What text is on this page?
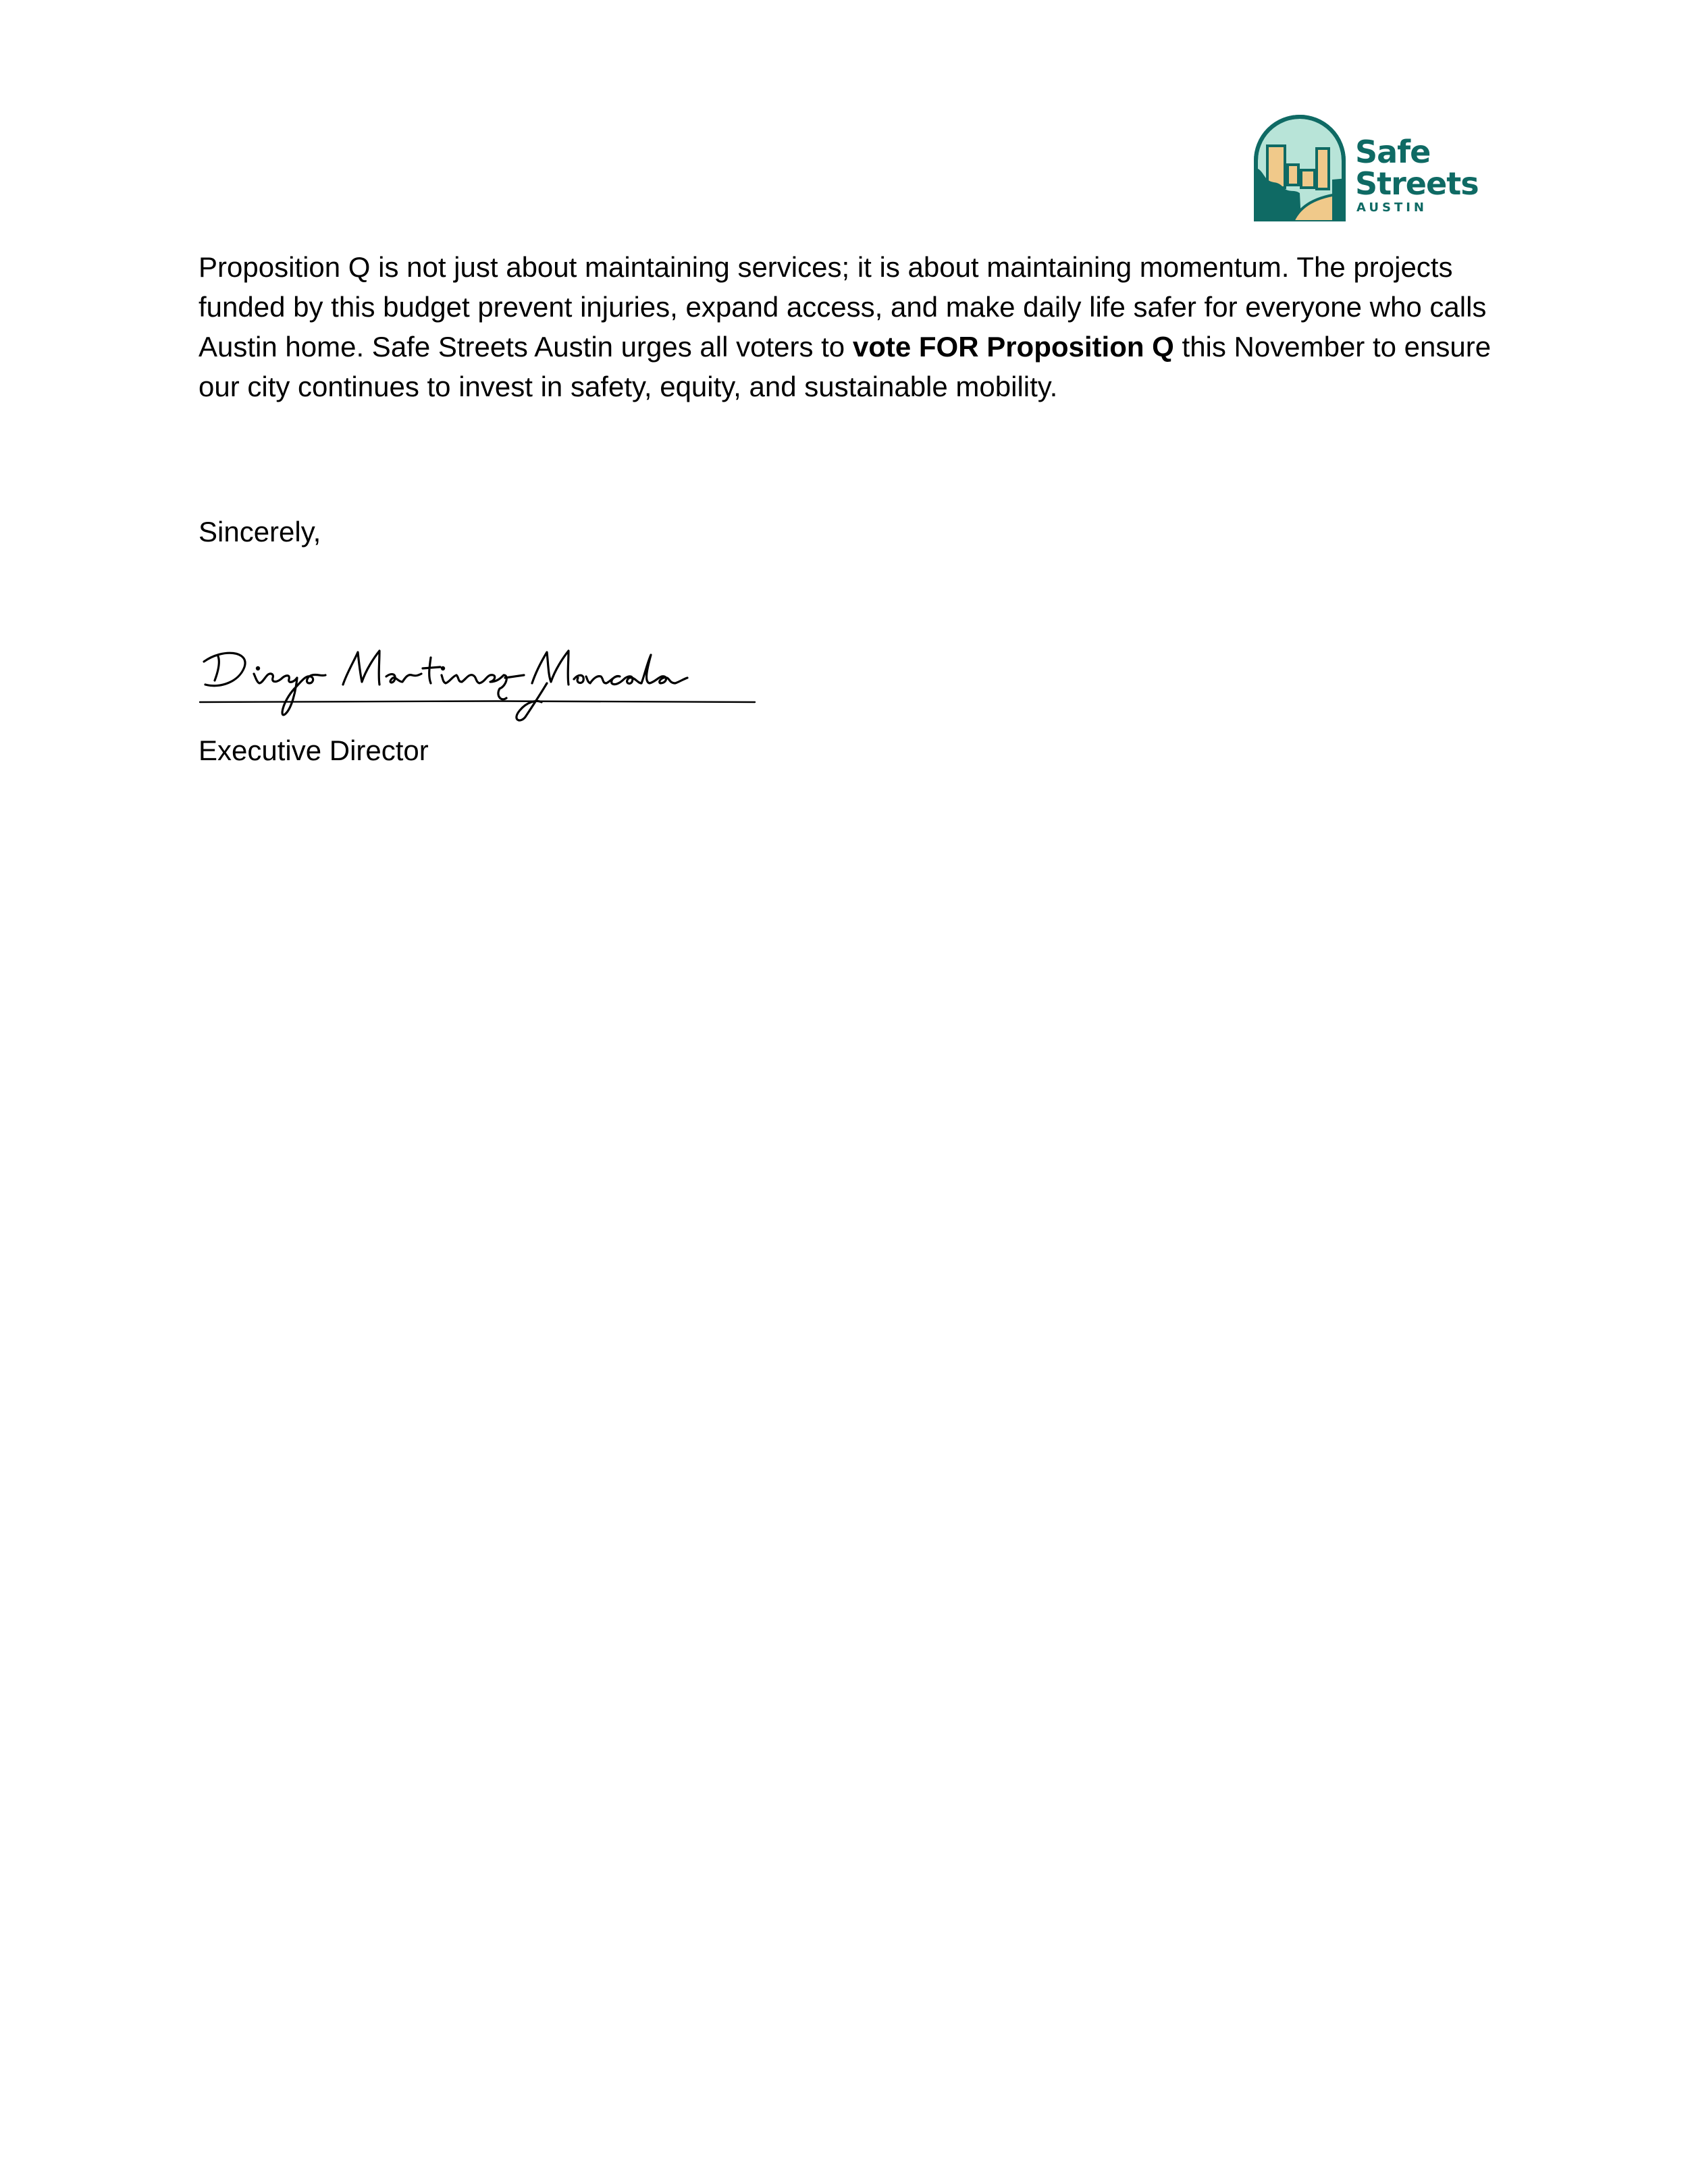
Safe
Streets
AUSTIN

Proposition Q is not just about maintaining services; it is about maintaining momentum. The projects funded by this budget prevent injuries, expand access, and make daily life safer for everyone who calls Austin home. Safe Streets Austin urges all voters to vote FOR Proposition Q this November to ensure our city continues to invest in safety, equity, and sustainable mobility.

Sincerely,
Executive Director
